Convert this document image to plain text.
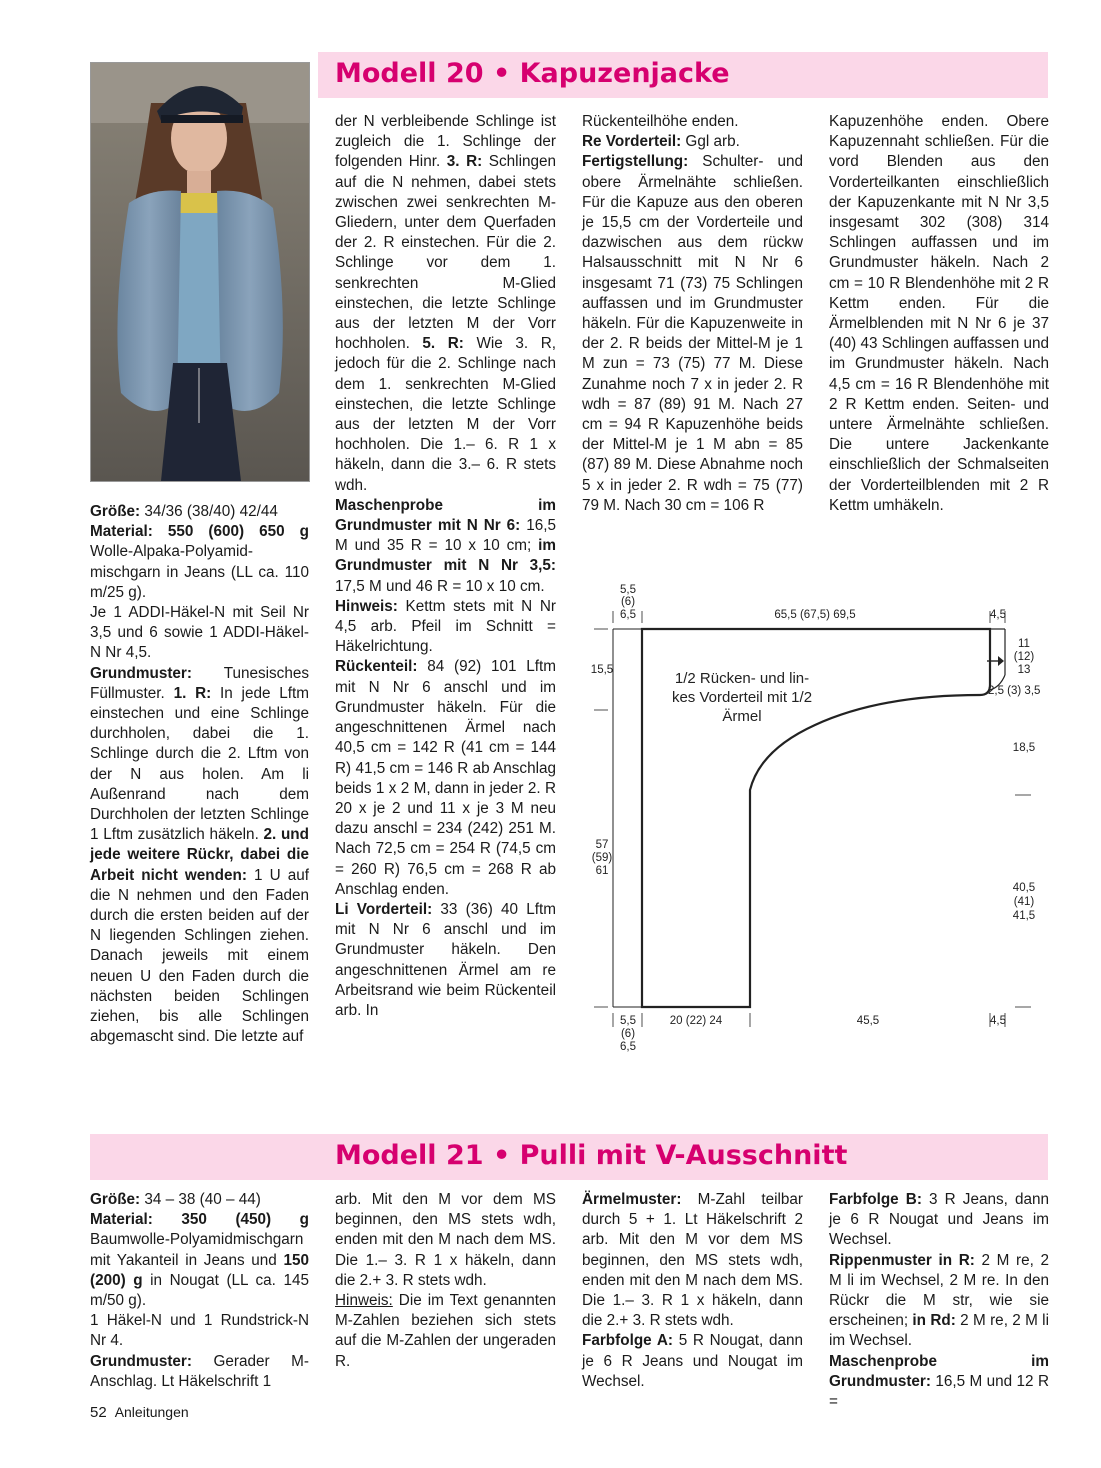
Modell 20 • Kapuzenjacke

Größe: 34/36 (38/40) 42/44

Material: 550 (600) 650 g Wolle-Alpaka-Polyamid-mischgarn in Jeans (LL ca. 110 m/25 g).

Je 1 ADDI-Häkel-N mit Seil Nr 3,5 und 6 sowie 1 ADDI-Häkel-N Nr 4,5.

Grundmuster: Tunesisches Füllmuster. 1. R: In jede Lftm einstechen und eine Schlinge durchholen, dabei die 1. Schlinge durch die 2. Lftm von der N aus holen. Am li Außenrand nach dem Durchholen der letzten Schlinge 1 Lftm zusätzlich häkeln. 2. und jede weitere Rückr, dabei die Arbeit nicht wenden: 1 U auf die N nehmen und den Faden durch die ersten beiden auf der N liegenden Schlingen ziehen. Danach jeweils mit einem neuen U den Faden durch die nächsten beiden Schlingen ziehen, bis alle Schlingen abgemascht sind. Die letzte auf

der N verbleibende Schlinge ist zugleich die 1. Schlinge der folgenden Hinr. 3. R: Schlingen auf die N nehmen, dabei stets zwischen zwei senkrechten M-Gliedern, unter dem Querfaden der 2. R einstechen. Für die 2. Schlinge vor dem 1. senkrechten M-Glied einstechen, die letzte Schlinge aus der letzten M der Vorr hochholen. 5. R: Wie 3. R, jedoch für die 2. Schlinge nach dem 1. senkrechten M-Glied einstechen, die letzte Schlinge aus der letzten M der Vorr hochholen. Die 1.– 6. R 1 x häkeln, dann die 3.– 6. R stets wdh.

Maschenprobe im Grundmuster mit N Nr 6: 16,5 M und 35 R = 10 x 10 cm; im Grundmuster mit N Nr 3,5: 17,5 M und 46 R = 10 x 10 cm.

Hinweis: Kettm stets mit N Nr 4,5 arb. Pfeil im Schnitt = Häkelrichtung.

Rückenteil: 84 (92) 101 Lftm mit N Nr 6 anschl und im Grundmuster häkeln. Für die angeschnittenen Ärmel nach 40,5 cm = 142 R (41 cm = 144 R) 41,5 cm = 146 R ab Anschlag beids 1 x 2 M, dann in jeder 2. R 20 x je 2 und 11 x je 3 M neu dazu anschl = 234 (242) 251 M. Nach 72,5 cm = 254 R (74,5 cm = 260 R) 76,5 cm = 268 R ab Anschlag enden.

Li Vorderteil: 33 (36) 40 Lftm mit N Nr 6 anschl und im Grundmuster häkeln. Den angeschnittenen Ärmel am re Arbeitsrand wie beim Rückenteil arb. In

Rückenteilhöhe enden.

Re Vorderteil: Ggl arb.

Fertigstellung: Schulter- und obere Ärmelnähte schließen. Für die Kapuze aus den oberen je 15,5 cm der Vorderteile und dazwischen aus dem rückw Halsausschnitt mit N Nr 6 insgesamt 71 (73) 75 Schlingen auffassen und im Grundmuster häkeln. Für die Kapuzenweite in der 2. R beids der Mittel-M je 1 M zun = 73 (75) 77 M. Diese Zunahme noch 7 x in jeder 2. R wdh = 87 (89) 91 M. Nach 27 cm = 94 R Kapuzenhöhe beids der Mittel-M je 1 M abn = 85 (87) 89 M. Diese Abnahme noch 5 x in jeder 2. R wdh = 75 (77) 79 M. Nach 30 cm = 106 R

Kapuzenhöhe enden. Obere Kapuzennaht schließen. Für die vord Blenden aus den Vorderteilkanten einschließlich der Kapuzenkante mit N Nr 3,5 insgesamt 302 (308) 314 Schlingen auffassen und im Grundmuster häkeln. Nach 2 cm = 10 R Blendenhöhe mit 2 R Kettm enden. Für die Ärmelblenden mit N Nr 6 je 37 (40) 43 Schlingen auffassen und im Grundmuster häkeln. Nach 4,5 cm = 16 R Blendenhöhe mit 2 R Kettm enden. Seiten- und untere Ärmelnähte schließen. Die untere Jackenkante einschließlich der Schmalseiten der Vorderteilblenden mit 2 R Kettm umhäkeln.

5,5
(6)
6,5	65,5 (67,5) 69,5	4,5
15,5
57
(59)
61
11
(12)
13
2,5 (3) 3,5
18,5
40,5
(41)
41,5
5,5
(6)
6,5
20 (22) 24	45,5	4,5
1/2 Rücken- und lin-
kes Vorderteil mit 1/2
Ärmel
Modell 21 • Pulli mit V-Ausschnitt

Größe: 34 – 38 (40 – 44)

Material: 350 (450) g Baumwolle-Polyamidmischgarn mit Yakanteil in Jeans und 150 (200) g in Nougat (LL ca. 145 m/50 g).

1 Häkel-N und 1 Rundstrick-N Nr 4.

Grundmuster: Gerader M-Anschlag. Lt Häkelschrift 1

arb. Mit den M vor dem MS beginnen, den MS stets wdh, enden mit den M nach dem MS. Die 1.– 3. R 1 x häkeln, dann die 2.+ 3. R stets wdh.

Hinweis: Die im Text genannten M-Zahlen beziehen sich stets auf die M-Zahlen der ungeraden R.

Ärmelmuster: M-Zahl teilbar durch 5 + 1. Lt Häkelschrift 2 arb. Mit den M vor dem MS beginnen, den MS stets wdh, enden mit den M nach dem MS. Die 1.– 3. R 1 x häkeln, dann die 2.+ 3. R stets wdh.

Farbfolge A: 5 R Nougat, dann je 6 R Jeans und Nougat im Wechsel.

Farbfolge B: 3 R Jeans, dann je 6 R Nougat und Jeans im Wechsel.

Rippenmuster in R: 2 M re, 2 M li im Wechsel, 2 M re. In den Rückr die M str, wie sie erscheinen; in Rd: 2 M re, 2 M li im Wechsel.

Maschenprobe im Grundmuster: 16,5 M und 12 R =

52 Anleitungen
